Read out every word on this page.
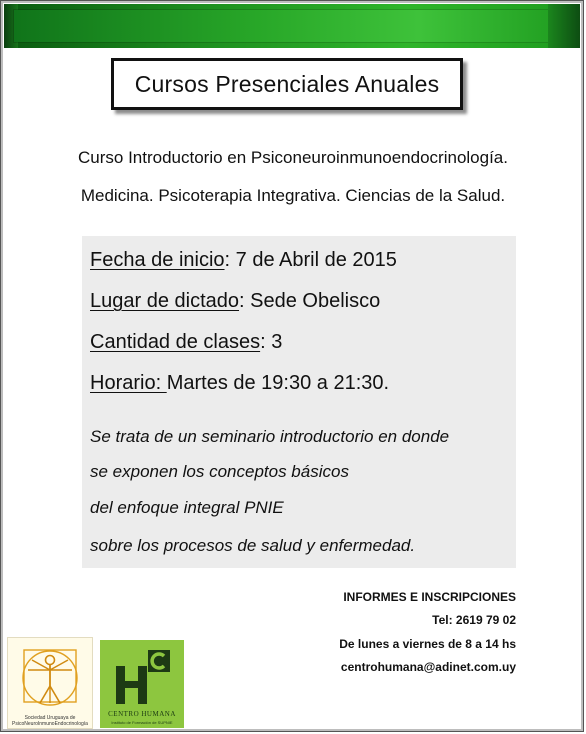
Cursos Presenciales Anuales
Curso Introductorio en Psiconeuroinmunoendocrinología.
Medicina. Psicoterapia Integrativa. Ciencias de la Salud.
Fecha de inicio: 7 de Abril de 2015
Lugar de dictado: Sede Obelisco
Cantidad de clases: 3
Horario: Martes de 19:30 a 21:30.
Se trata de un seminario introductorio en donde
se exponen los conceptos básicos
del enfoque integral PNIE
sobre los procesos de salud y enfermedad.
INFORMES E INSCRIPCIONES
Tel: 2619 79 02
De lunes a viernes de 8 a 14 hs
centrohumana@adinet.com.uy
Sociedad Uruguaya de
PsicoNeuroInmunoEndocrinología
CENTRO HUMANA
Instituto de Formación de SUPNIE
